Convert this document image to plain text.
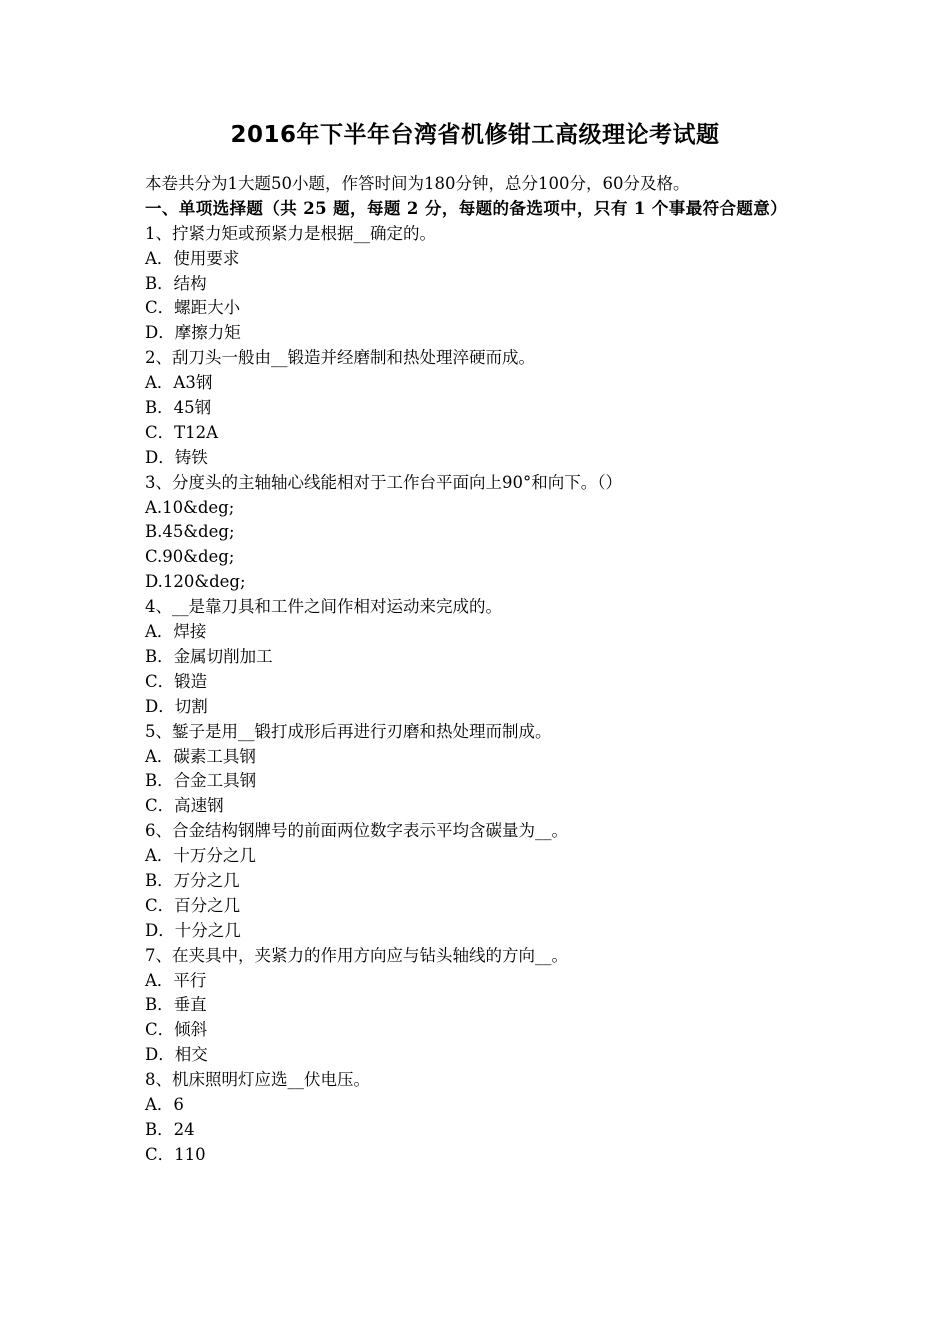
2016年下半年台湾省机修钳工高级理论考试题
本卷共分为1大题50小题，作答时间为180分钟，总分100分，60分及格。
一、单项选择题（共 25 题，每题 2 分，每题的备选项中，只有 1 个事最符合题意）
1、拧紧力矩或预紧力是根据__确定的。
A．使用要求
B．结构
C．螺距大小
D．摩擦力矩
2、刮刀头一般由__锻造并经磨制和热处理淬硬而成。
A．A3钢
B．45钢
C．T12A
D．铸铁
3、分度头的主轴轴心线能相对于工作台平面向上90°和向下。（）
A.10&deg;
B.45&deg;
C.90&deg;
D.120&deg;
4、__是靠刀具和工件之间作相对运动来完成的。
A．焊接
B．金属切削加工
C．锻造
D．切割
5、錾子是用__锻打成形后再进行刃磨和热处理而制成。
A．碳素工具钢
B．合金工具钢
C．高速钢
6、合金结构钢牌号的前面两位数字表示平均含碳量为__。
A．十万分之几
B．万分之几
C．百分之几
D．十分之几
7、在夹具中，夹紧力的作用方向应与钻头轴线的方向__。
A．平行
B．垂直
C．倾斜
D．相交
8、机床照明灯应选__伏电压。
A．6
B．24
C．110
